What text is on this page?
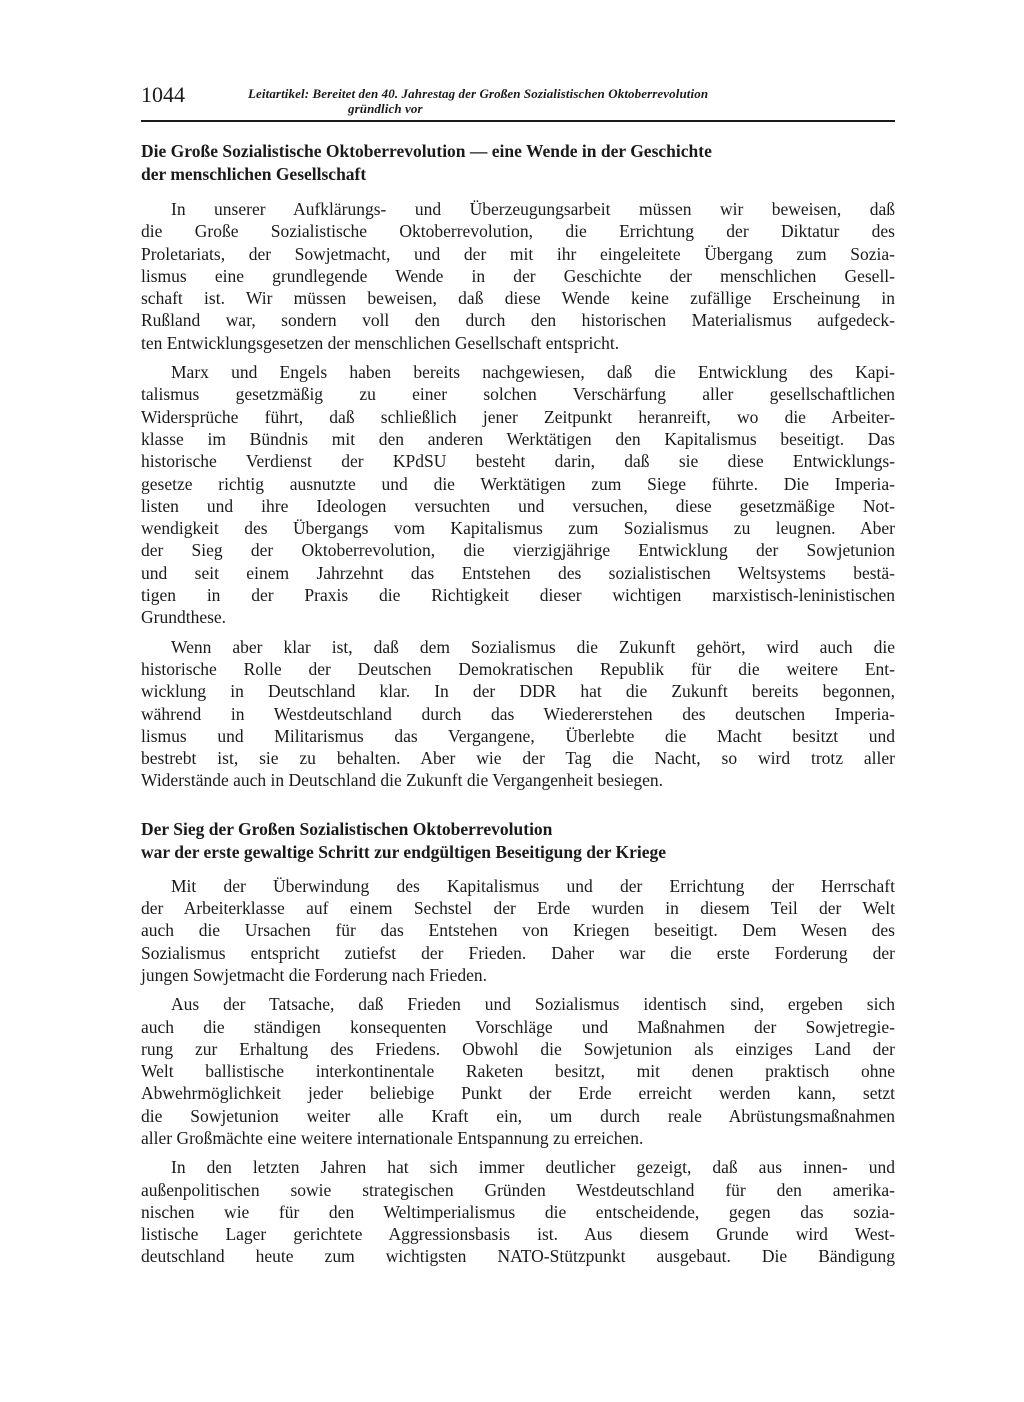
1044	Leitartikel: Bereitet den 40. Jahrestag der Großen Sozialistischen Oktoberrevolution
gründlich vor
Die Große Sozialistische Oktoberrevolution — eine Wende in der Geschichte
der menschlichen Gesellschaft
In unserer Aufklärungs- und Überzeugungsarbeit müssen wir beweisen, daß
die Große Sozialistische Oktoberrevolution, die Errichtung der Diktatur des
Proletariats, der Sowjetmacht, und der mit ihr eingeleitete Übergang zum Sozia-
lismus eine grundlegende Wende in der Geschichte der menschlichen Gesell-
schaft ist. Wir müssen beweisen, daß diese Wende keine zufällige Erscheinung in
Rußland war, sondern voll den durch den historischen Materialismus aufgedeck-
ten Entwicklungsgesetzen der menschlichen Gesellschaft entspricht.
Marx und Engels haben bereits nachgewiesen, daß die Entwicklung des Kapi-
talismus gesetzmäßig zu einer solchen Verschärfung aller gesellschaftlichen
Widersprüche führt, daß schließlich jener Zeitpunkt heranreift, wo die Arbeiter-
klasse im Bündnis mit den anderen Werktätigen den Kapitalismus beseitigt. Das
historische Verdienst der KPdSU besteht darin, daß sie diese Entwicklungs-
gesetze richtig ausnutzte und die Werktätigen zum Siege führte. Die Imperia-
listen und ihre Ideologen versuchten und versuchen, diese gesetzmäßige Not-
wendigkeit des Übergangs vom Kapitalismus zum Sozialismus zu leugnen. Aber
der Sieg der Oktoberrevolution, die vierzigjährige Entwicklung der Sowjetunion
und seit einem Jahrzehnt das Entstehen des sozialistischen Weltsystems bestä-
tigen in der Praxis die Richtigkeit dieser wichtigen marxistisch-leninistischen
Grundthese.
Wenn aber klar ist, daß dem Sozialismus die Zukunft gehört, wird auch die
historische Rolle der Deutschen Demokratischen Republik für die weitere Ent-
wicklung in Deutschland klar. In der DDR hat die Zukunft bereits begonnen,
während in Westdeutschland durch das Wiedererstehen des deutschen Imperia-
lismus und Militarismus das Vergangene, Überlebte die Macht besitzt und
bestrebt ist, sie zu behalten. Aber wie der Tag die Nacht, so wird trotz aller
Widerstände auch in Deutschland die Zukunft die Vergangenheit besiegen.
Der Sieg der Großen Sozialistischen Oktoberrevolution
war der erste gewaltige Schritt zur endgültigen Beseitigung der Kriege
Mit der Überwindung des Kapitalismus und der Errichtung der Herrschaft
der Arbeiterklasse auf einem Sechstel der Erde wurden in diesem Teil der Welt
auch die Ursachen für das Entstehen von Kriegen beseitigt. Dem Wesen des
Sozialismus entspricht zutiefst der Frieden. Daher war die erste Forderung der
jungen Sowjetmacht die Forderung nach Frieden.
Aus der Tatsache, daß Frieden und Sozialismus identisch sind, ergeben sich
auch die ständigen konsequenten Vorschläge und Maßnahmen der Sowjetregie-
rung zur Erhaltung des Friedens. Obwohl die Sowjetunion als einziges Land der
Welt ballistische interkontinentale Raketen besitzt, mit denen praktisch ohne
Abwehrmöglichkeit jeder beliebige Punkt der Erde erreicht werden kann, setzt
die Sowjetunion weiter alle Kraft ein, um durch reale Abrüstungsmaßnahmen
aller Großmächte eine weitere internationale Entspannung zu erreichen.
In den letzten Jahren hat sich immer deutlicher gezeigt, daß aus innen- und
außenpolitischen sowie strategischen Gründen Westdeutschland für den amerika-
nischen wie für den Weltimperialismus die entscheidende, gegen das sozia-
listische Lager gerichtete Aggressionsbasis ist. Aus diesem Grunde wird West-
deutschland heute zum wichtigsten NATO-Stützpunkt ausgebaut. Die Bändigung
